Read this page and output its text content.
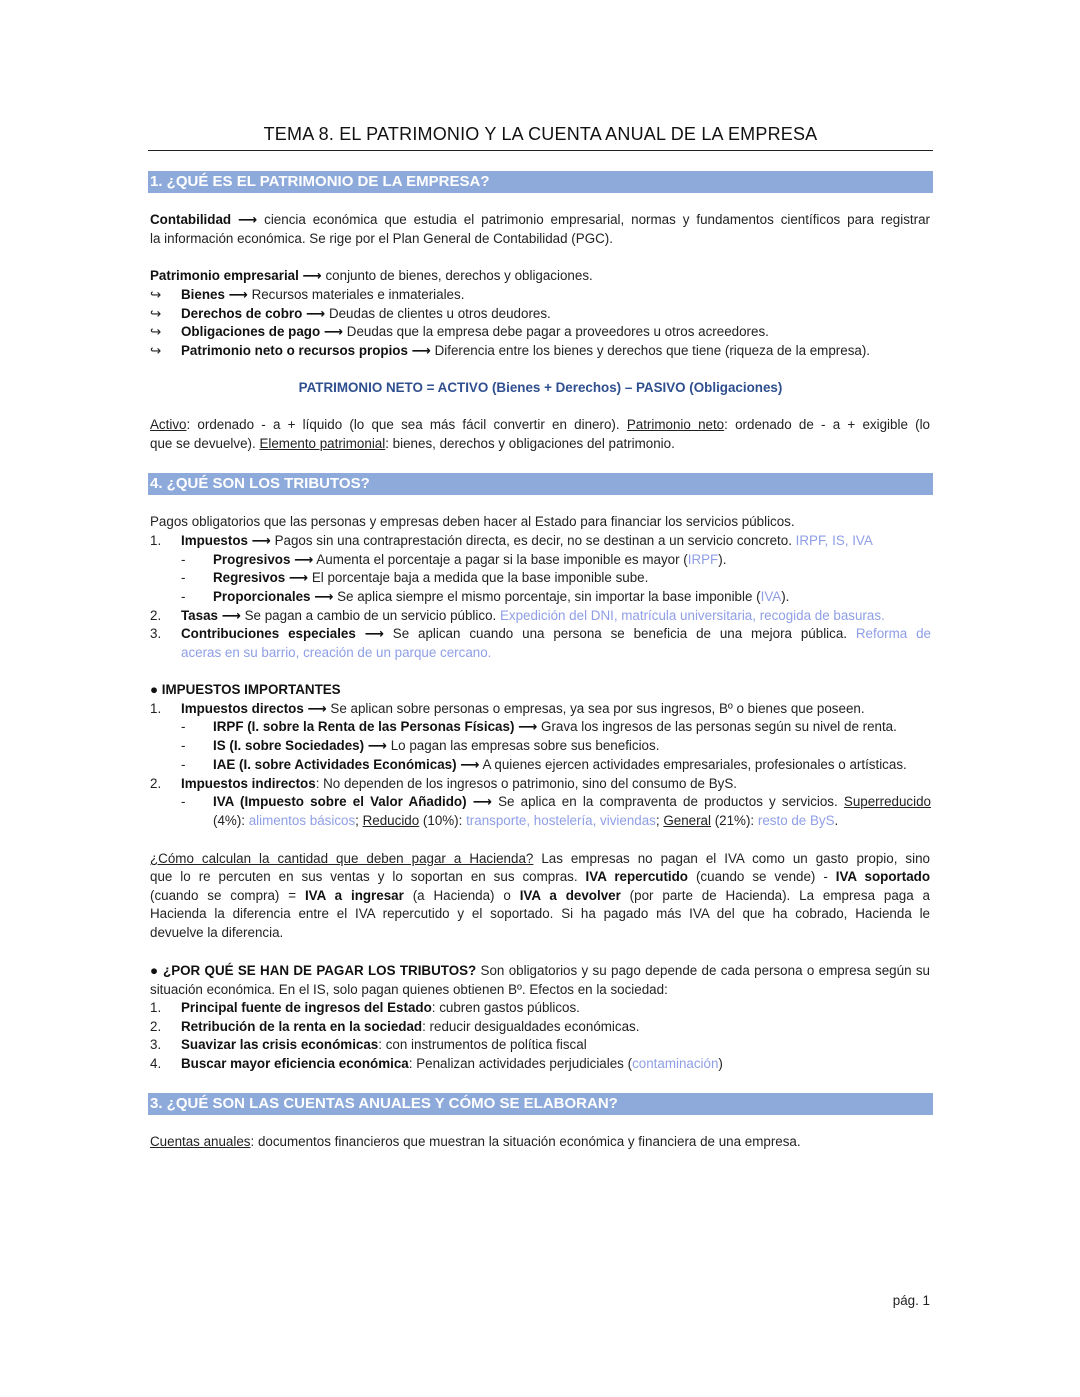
TEMA 8. EL PATRIMONIO Y LA CUENTA ANUAL DE LA EMPRESA
1. ¿QUÉ ES EL PATRIMONIO DE LA EMPRESA?
Contabilidad ⟶ ciencia económica que estudia el patrimonio empresarial, normas y fundamentos científicos para registrar
la información económica. Se rige por el Plan General de Contabilidad (PGC).
Patrimonio empresarial ⟶ conjunto de bienes, derechos y obligaciones.
↪ Bienes ⟶ Recursos materiales e inmateriales.
↪ Derechos de cobro ⟶ Deudas de clientes u otros deudores.
↪ Obligaciones de pago ⟶ Deudas que la empresa debe pagar a proveedores u otros acreedores.
↪ Patrimonio neto o recursos propios ⟶ Diferencia entre los bienes y derechos que tiene (riqueza de la empresa).
PATRIMONIO NETO = ACTIVO (Bienes + Derechos) – PASIVO (Obligaciones)
Activo: ordenado - a + líquido (lo que sea más fácil convertir en dinero). Patrimonio neto: ordenado de - a + exigible (lo
que se devuelve). Elemento patrimonial: bienes, derechos y obligaciones del patrimonio.
4. ¿QUÉ SON LOS TRIBUTOS?
Pagos obligatorios que las personas y empresas deben hacer al Estado para financiar los servicios públicos.
1. Impuestos ⟶ Pagos sin una contraprestación directa, es decir, no se destinan a un servicio concreto. IRPF, IS, IVA
- Progresivos ⟶ Aumenta el porcentaje a pagar si la base imponible es mayor (IRPF).
- Regresivos ⟶ El porcentaje baja a medida que la base imponible sube.
- Proporcionales ⟶ Se aplica siempre el mismo porcentaje, sin importar la base imponible (IVA).
2. Tasas ⟶ Se pagan a cambio de un servicio público. Expedición del DNI, matrícula universitaria, recogida de basuras.
3. Contribuciones especiales ⟶ Se aplican cuando una persona se beneficia de una mejora pública. Reforma de
aceras en su barrio, creación de un parque cercano.
● IMPUESTOS IMPORTANTES
1. Impuestos directos ⟶ Se aplican sobre personas o empresas, ya sea por sus ingresos, Bº o bienes que poseen.
- IRPF (I. sobre la Renta de las Personas Físicas) ⟶ Grava los ingresos de las personas según su nivel de renta.
- IS (I. sobre Sociedades) ⟶ Lo pagan las empresas sobre sus beneficios.
- IAE (I. sobre Actividades Económicas) ⟶ A quienes ejercen actividades empresariales, profesionales o artísticas.
2. Impuestos indirectos: No dependen de los ingresos o patrimonio, sino del consumo de ByS.
- IVA (Impuesto sobre el Valor Añadido) ⟶ Se aplica en la compraventa de productos y servicios. Superreducido
(4%): alimentos básicos; Reducido (10%): transporte, hostelería, viviendas; General (21%): resto de ByS.
¿Cómo calculan la cantidad que deben pagar a Hacienda? Las empresas no pagan el IVA como un gasto propio, sino
que lo re percuten en sus ventas y lo soportan en sus compras. IVA repercutido (cuando se vende) - IVA soportado
(cuando se compra) = IVA a ingresar (a Hacienda) o IVA a devolver (por parte de Hacienda). La empresa paga a
Hacienda la diferencia entre el IVA repercutido y el soportado. Si ha pagado más IVA del que ha cobrado, Hacienda le
devuelve la diferencia.
● ¿POR QUÉ SE HAN DE PAGAR LOS TRIBUTOS? Son obligatorios y su pago depende de cada persona o empresa según su
situación económica. En el IS, solo pagan quienes obtienen Bº. Efectos en la sociedad:
1. Principal fuente de ingresos del Estado: cubren gastos públicos.
2. Retribución de la renta en la sociedad: reducir desigualdades económicas.
3. Suavizar las crisis económicas: con instrumentos de política fiscal
4. Buscar mayor eficiencia económica: Penalizan actividades perjudiciales (contaminación)
3. ¿QUÉ SON LAS CUENTAS ANUALES Y CÓMO SE ELABORAN?
Cuentas anuales: documentos financieros que muestran la situación económica y financiera de una empresa.
pág. 1
